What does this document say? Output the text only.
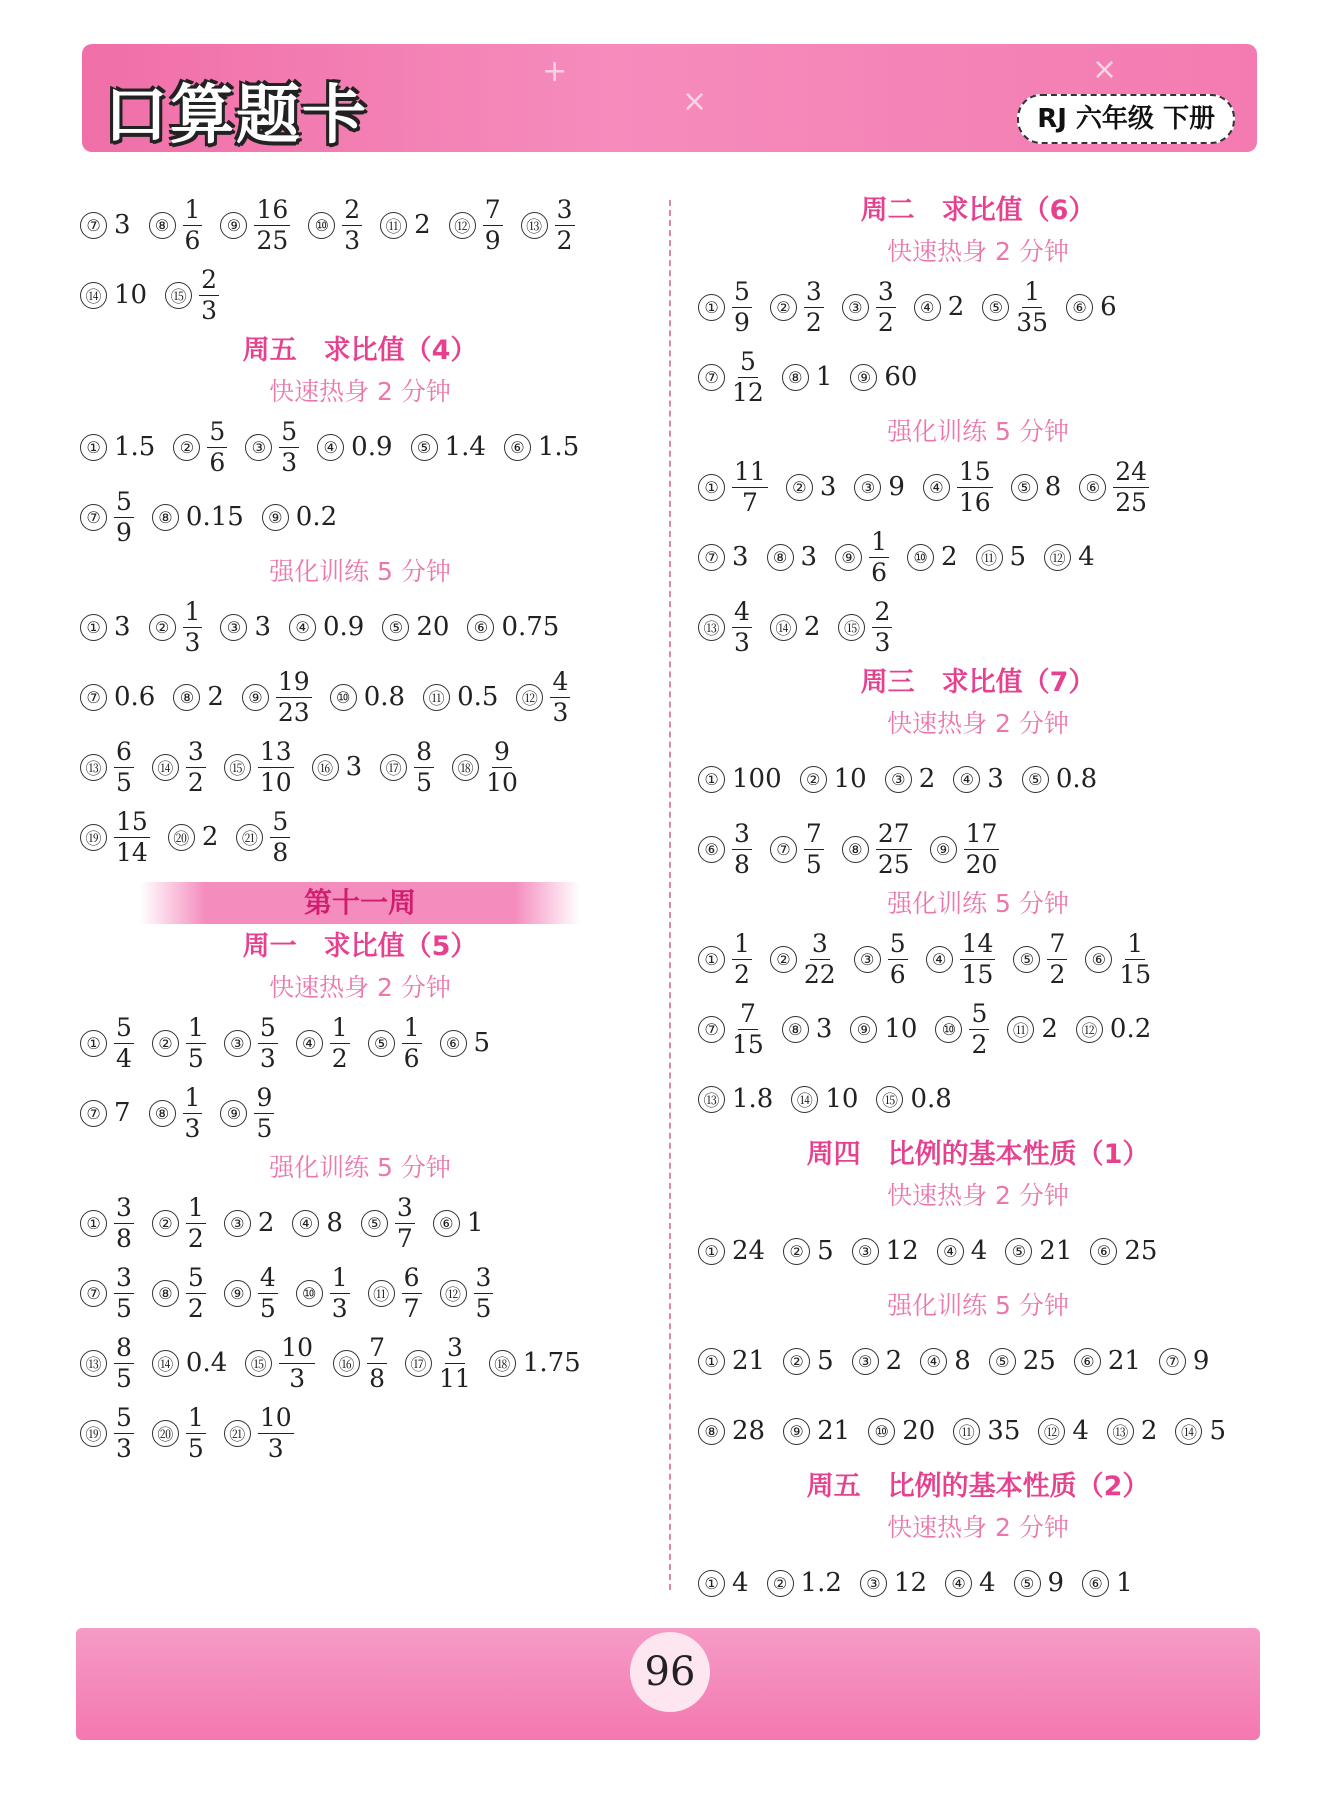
+
×
×
口算题卡	RJ 六年级 下册
⑦ 3	⑧ $\frac{1}{6}$	⑨ $\frac{16}{25}$	⑩ $\frac{2}{3}$	⑪ 2	⑫ $\frac{7}{9}$	⑬ $\frac{3}{2}$
⑭ 10	⑮ $\frac{2}{3}$
周五　求比值（4）
快速热身 2 分钟
① 1.5	② $\frac{5}{6}$	③ $\frac{5}{3}$	④ 0.9	⑤ 1.4	⑥ 1.5
⑦ $\frac{5}{9}$	⑧ 0.15	⑨ 0.2
强化训练 5 分钟
① 3	② $\frac{1}{3}$	③ 3	④ 0.9	⑤ 20	⑥ 0.75
⑦ 0.6	⑧ 2	⑨ $\frac{19}{23}$	⑩ 0.8	⑪ 0.5	⑫ $\frac{4}{3}$
⑬ $\frac{6}{5}$	⑭ $\frac{3}{2}$	⑮ $\frac{13}{10}$	⑯ 3	⑰ $\frac{8}{5}$	⑱ $\frac{9}{10}$
⑲ $\frac{15}{14}$	⑳ 2	㉑ $\frac{5}{8}$
第十一周
周一　求比值（5）
快速热身 2 分钟
① $\frac{5}{4}$	② $\frac{1}{5}$	③ $\frac{5}{3}$	④ $\frac{1}{2}$	⑤ $\frac{1}{6}$	⑥ 5
⑦ 7	⑧ $\frac{1}{3}$	⑨ $\frac{9}{5}$
强化训练 5 分钟
① $\frac{3}{8}$	② $\frac{1}{2}$	③ 2	④ 8	⑤ $\frac{3}{7}$	⑥ 1
⑦ $\frac{3}{5}$	⑧ $\frac{5}{2}$	⑨ $\frac{4}{5}$	⑩ $\frac{1}{3}$	⑪ $\frac{6}{7}$	⑫ $\frac{3}{5}$
⑬ $\frac{8}{5}$	⑭ 0.4	⑮ $\frac{10}{3}$	⑯ $\frac{7}{8}$	⑰ $\frac{3}{11}$	⑱ 1.75
⑲ $\frac{5}{3}$	⑳ $\frac{1}{5}$	㉑ $\frac{10}{3}$
周二　求比值（6）
快速热身 2 分钟
① $\frac{5}{9}$	② $\frac{3}{2}$	③ $\frac{3}{2}$	④ 2	⑤ $\frac{1}{35}$	⑥ 6
⑦ $\frac{5}{12}$	⑧ 1	⑨ 60
强化训练 5 分钟
① $\frac{11}{7}$	② 3	③ 9	④ $\frac{15}{16}$	⑤ 8	⑥ $\frac{24}{25}$
⑦ 3	⑧ 3	⑨ $\frac{1}{6}$	⑩ 2	⑪ 5	⑫ 4
⑬ $\frac{4}{3}$	⑭ 2	⑮ $\frac{2}{3}$
周三　求比值（7）
快速热身 2 分钟
① 100	② 10	③ 2	④ 3	⑤ 0.8
⑥ $\frac{3}{8}$	⑦ $\frac{7}{5}$	⑧ $\frac{27}{25}$	⑨ $\frac{17}{20}$
强化训练 5 分钟
① $\frac{1}{2}$	② $\frac{3}{22}$	③ $\frac{5}{6}$	④ $\frac{14}{15}$	⑤ $\frac{7}{2}$	⑥ $\frac{1}{15}$
⑦ $\frac{7}{15}$	⑧ 3	⑨ 10	⑩ $\frac{5}{2}$	⑪ 2	⑫ 0.2
⑬ 1.8	⑭ 10	⑮ 0.8
周四　比例的基本性质（1）
快速热身 2 分钟
① 24	② 5	③ 12	④ 4	⑤ 21	⑥ 25
强化训练 5 分钟
① 21	② 5	③ 2	④ 8	⑤ 25	⑥ 21	⑦ 9
⑧ 28	⑨ 21	⑩ 20	⑪ 35	⑫ 4	⑬ 2	⑭ 5
周五　比例的基本性质（2）
快速热身 2 分钟
① 4	② 1.2	③ 12	④ 4	⑤ 9	⑥ 1
96
